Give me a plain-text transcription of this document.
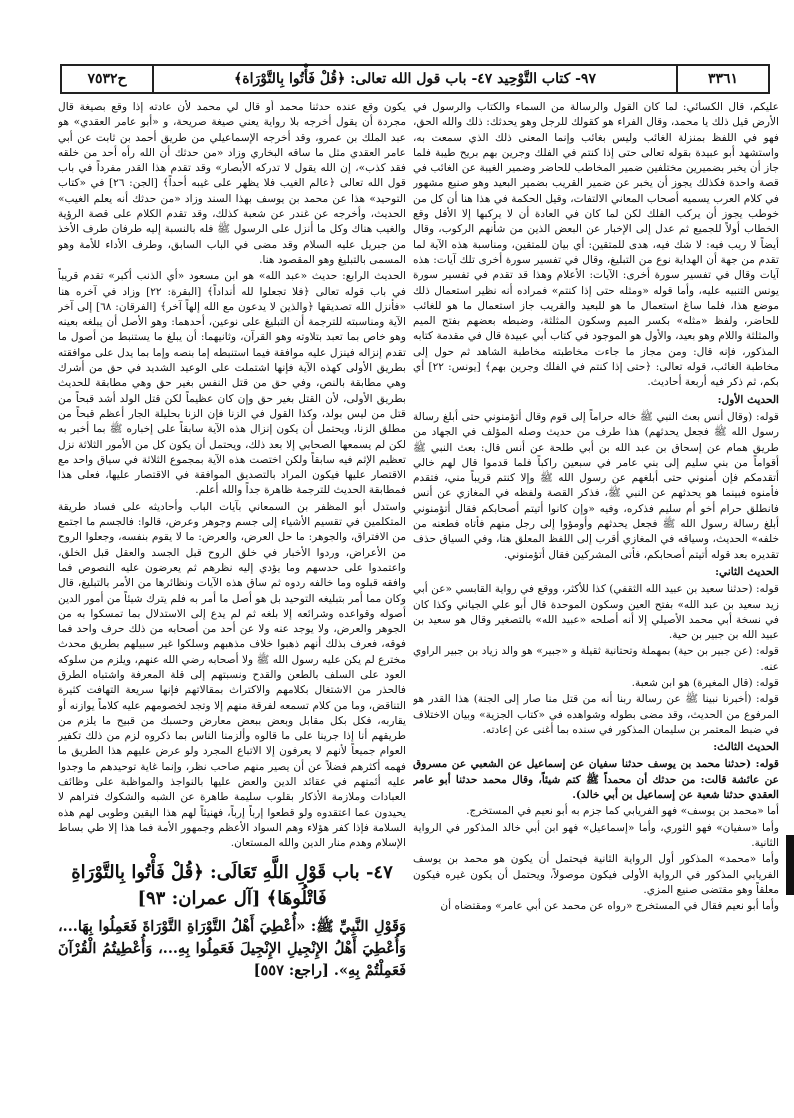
ح٧٥٣٢	٩٧- كتاب التَّوْحِيد ٤٧- باب قول الله تعالى: ﴿قُلْ فَأْتُوا بِالتَّوْرَاة﴾	٣٣٦١

عليكم، قال الكسائي: لما كان القول والرسالة من السماء والكتاب والرسول في الأرض قيل ذلك يا محمد، وقال الفراء هو كقولك للرجل وهو يحدثك: ذلك والله الحق، فهو في اللفظ بمنزلة الغائب وليس بغائب وإنما المعنى ذلك الذي سمعت به، واستشهد أبو عبيدة بقوله تعالى حتى إذا كنتم في الفلك وجرين بهم بريح طيبة فلما جاز أن يخبر بضميرين مختلفين ضمير المخاطب للحاضر وضمير الغيبة عن الغائب في قصة واحدة فكذلك يجوز أن يخبر عن ضمير القريب بضمير البعيد وهو صنيع مشهور في كلام العرب يسميه أصحاب المعاني الالتفات، وقيل الحكمة في هذا هنا أن كل من خوطب يجوز أن يركب الفلك لكن لما كان في العادة أن لا يركبها إلا الأقل وقع الخطاب أولاً للجميع ثم عدل إلى الإخبار عن البعض الذين من شأنهم الركوب، وقال أيضاً لا ريب فيه: لا شك فيه، هدى للمتقين: أي بيان للمتقين، ومناسبة هذه الآية لما تقدم من جهة أن الهداية نوع من التبليغ، وقال في تفسير سورة أخرى تلك آيات: هذه آيات وقال في تفسير سورة أخرى: الآيات: الأعلام وهذا قد تقدم في تفسير سورة يونس التنبيه عليه، وأما قوله «ومثله حتى إذا كنتم» فمراده أنه نظير استعمال ذلك موضع هذا، فلما ساغ استعمال ما هو للبعيد والقريب جاز استعمال ما هو للغائب للحاضر، ولفظ «مثله» بكسر الميم وسكون المثلثة، وضبطه بعضهم بفتح الميم والمثلثة واللام وهو بعيد، والأول هو الموجود في كتاب أبي عبيدة قال في مقدمة كتابه المذكور، فإنه قال: ومن مجاز ما جاءت مخاطبته مخاطبة الشاهد ثم حول إلى مخاطبة الغائب، قوله تعالى: ﴿حتى إذا كنتم في الفلك وجرين بهم﴾ [يونس: ٢٢] أي بكم، ثم ذكر فيه أربعة أحاديث.

الحديث الأول:

قوله: (وقال أنس بعث النبي ﷺ خاله حراماً إلى قوم وقال أتؤمنوني حتى أبلغ رسالة رسول الله ﷺ فجعل يحدثهم) هذا طرف من حديث وصله المؤلف في الجهاد من طريق همام عن إسحاق بن عبد الله بن أبي طلحة عن أنس قال: بعث النبي ﷺ أقواماً من بني سليم إلى بني عامر في سبعين راكباً فلما قدموا قال لهم خالي أتقدمكم فإن أمنوني حتى أبلغهم عن رسول الله ﷺ وإلا كنتم قريباً مني، فتقدم فأمنوه فبينما هو يحدثهم عن النبي ﷺ، فذكر القصة ولفظه في المغازي عن أنس فانطلق حرام أخو أم سليم فذكره، وفيه «وإن كانوا أتيتم أصحابكم فقال أتؤمنوني أبلغ رسالة رسول الله ﷺ فجعل يحدثهم وأومؤوا إلى رجل منهم فأتاه فطعنه من خلفه» الحديث، وسياقه في المغازي أقرب إلى اللفظ المعلق هنا، وفي السياق حذف تقديره بعد قوله أتيتم أصحابكم، فأتى المشركين فقال أتؤمنوني.

الحديث الثاني:

قوله: (حدثنا سعيد بن عبيد الله الثقفي) كذا للأكثر، ووقع في رواية القابسي «عن أبي زيد سعيد بن عبد الله» بفتح العين وسكون الموحدة قال أبو علي الجياني وكذا كان في نسخة أبي محمد الأصيلي إلا أنه أصلحه «عبيد الله» بالتصغير وقال هو سعيد بن عبيد الله بن جبير بن حية.

قوله: (عن جبير بن حية) بمهملة وتحتانية ثقيلة و «جبير» هو والد زياد بن جبير الراوي عنه.

قوله: (قال المغيرة) هو ابن شعبة.

قوله: (أخبرنا نبينا ﷺ عن رسالة ربنا أنه من قتل منا صار إلى الجنة) هذا القدر هو المرفوع من الحديث، وقد مضى بطوله وشواهده في «كتاب الجزية» وبيان الاختلاف في ضبط المعتمر بن سليمان المذكور في سنده بما أغنى عن إعادته.

الحديث الثالث:

قوله: (حدثنا محمد بن يوسف حدثنا سفيان عن إسماعيل عن الشعبي عن مسروق عن عائشة قالت: من حدثك أن محمداً ﷺ كتم شيئاً، وقال محمد حدثنا أبو عامر العقدي حدثنا شعبة عن إسماعيل بن أبي خالد).

أما «محمد بن يوسف» فهو الفريابي كما جزم به أبو نعيم في المستخرج.

وأما «سفيان» فهو الثوري، وأما «إسماعيل» فهو ابن أبي خالد المذكور في الرواية الثانية.

وأما «محمد» المذكور أول الرواية الثانية فيحتمل أن يكون هو محمد بن يوسف الفريابي المذكور في الرواية الأولى فيكون موصولاً، ويحتمل أن يكون غيره فيكون معلقاً وهو مقتضى صنيع المزي.

وأما أبو نعيم فقال في المستخرج «رواه عن محمد عن أبي عامر» ومقتضاه أن

يكون وقع عنده حدثنا محمد أو قال لي محمد لأن عادته إذا وقع بصيغة قال مجردة أن يقول أخرجه بلا رواية يعني صيغة صريحة، و «أبو عامر العقدي» هو عبد الملك بن عمرو، وقد أخرجه الإسماعيلي من طريق أحمد بن ثابت عن أبي عامر العقدي مثل ما ساقه البخاري وزاد «من حدثك أن الله رأه أحد من خلقه فقد كذب»، إن الله يقول لا تدركه الأبصار» وقد تقدم هذا القدر مفرداً في باب قول الله تعالى ﴿عالم الغيب فلا يظهر على غيبه أحداً﴾ [الجن: ٢٦] في «كتاب التوحيد» هذا عن محمد بن يوسف بهذا السند وزاد «من حدثك أنه يعلم الغيب» الحديث، وأخرجه عن غندر عن شعبة كذلك، وقد تقدم الكلام على قصة الرؤية والغيب هناك وكل ما أنزل على الرسول ﷺ فله بالنسبة إليه طرفان طرف الأخذ من جبريل عليه السلام وقد مضى في الباب السابق، وطرف الأداء للأمة وهو المسمى بالتبليغ وهو المقصود هنا.

الحديث الرابع: حديث «عبد الله» هو ابن مسعود «أي الذنب أكبر» تقدم قريباً في باب قوله تعالى ﴿فلا تجعلوا لله أنداداً﴾ [البقرة: ٢٢] وزاد في آخره هنا «فأنزل الله تصديقها ﴿والذين لا يدعون مع الله إلهاً آخر﴾ [الفرقان: ٦٨] إلى آخر الآية ومناسبته للترجمة أن التبليغ على نوعين، أحدهما: وهو الأصل أن يبلغه بعينه وهو خاص بما تعبد بتلاوته وهو القرآن، وثانيهما: أن يبلغ ما يستنبط من أصول ما تقدم إنزاله فينزل عليه موافقة فيما استنبطه إما بنصه وإما بما يدل على موافقته بطريق الأولى كهذه الآية فإنها اشتملت على الوعيد الشديد في حق من أشرك وهي مطابقة بالنص، وفي حق من قتل النفس بغير حق وهي مطابقة للحديث بطريق الأولى، لأن القتل بغير حق وإن كان عظيماً لكن قتل الولد أشد قبحاً من قتل من ليس بولد، وكذا القول في الزنا فإن الزنا بحليلة الجار أعظم قبحاً من مطلق الزنا، ويحتمل أن يكون إنزال هذه الآية سابقاً على إخباره ﷺ بما أخبر به لكن لم يسمعها الصحابي إلا بعد ذلك، ويحتمل أن يكون كل من الأمور الثلاثة نزل تعظيم الإثم فيه سابقاً ولكن اختصت هذه الآية بمجموع الثلاثة في سياق واحد مع الاقتصار عليها فيكون المراد بالتصديق الموافقة في الاقتصار عليها، فعلى هذا فمطابقة الحديث للترجمة ظاهرة جداً والله أعلم.

واستدل أبو المظفر بن السمعاني بآيات الباب وأحاديثه على فساد طريقة المتكلمين في تقسيم الأشياء إلى جسم وجوهر وعرض، قالوا: فالجسم ما اجتمع من الافتراق، والجوهر: ما حل العرض، والعرض: ما لا يقوم بنفسه، وجعلوا الروح من الأعراض، وردوا الأخبار في خلق الروح قبل الجسد والعقل قبل الخلق، واعتمدوا على حدسهم وما يؤدي إليه نظرهم ثم يعرضون عليه النصوص فما وافقه قبلوه وما خالفه ردوه ثم ساق هذه الآيات ونظائرها من الأمر بالتبليغ، قال وكان مما أمر بتبليغه التوحيد بل هو أصل ما أمر به فلم يترك شيئاً من أمور الدين أصوله وقواعده وشرائعه إلا بلغه ثم لم يدع إلى الاستدلال بما تمسكوا به من الجوهر والعرض، ولا يوجد عنه ولا عن أحد من أصحابه من ذلك حرف واحد فما فوقه، فعرف بذلك أنهم ذهبوا خلاف مذهبهم وسلكوا غير سبيلهم بطريق محدث مخترع لم يكن عليه رسول الله ﷺ ولا أصحابه رضي الله عنهم، ويلزم من سلوكه العود على السلف بالطعن والقدح ونسبتهم إلى قلة المعرفة واشتباه الطرق فالحذر من الاشتغال بكلامهم والاكتراث بمقالاتهم فإنها سريعة التهافت كثيرة التناقض، وما من كلام تسمعه لفرقة منهم إلا وتجد لخصومهم عليه كلاماً يوازنه أو يقاربه، فكل بكل مقابل وبعض ببعض معارض وحسبك من قبيح ما يلزم من طريقهم أنا إذا جرينا على ما قالوه وألزمنا الناس بما ذكروه لزم من ذلك تكفير العوام جميعاً لأنهم لا يعرفون إلا الاتباع المجرد ولو عرض عليهم هذا الطريق ما فهمه أكثرهم فضلاً عن أن يصير منهم صاحب نظر، وإنما غاية توحيدهم ما وجدوا عليه أئمتهم في عقائد الدين والعض عليها بالنواجذ والمواظبة على وظائف العبادات وملازمة الأذكار بقلوب سليمة طاهرة عن الشبه والشكوك فتراهم لا يحيدون عما اعتقدوه ولو قطعوا إرباً إرباً، فهنيئاً لهم هذا اليقين وطوبى لهم هذه السلامة فإذا كفر هؤلاء وهم السواد الأعظم وجمهور الأمة فما هذا إلا طي بساط الإسلام وهدم منار الدين والله المستعان.

٤٧- باب قَوْلِ اللَّهِ تَعَالَى: ﴿قُلْ فَأْتُوا بِالتَّوْرَاةِ فَاتْلُوهَا﴾ [آل عمران: ٩٣]
وَقَوْلِ النَّبِيِّ ﷺ: «أُعْطِيَ أَهْلُ التَّوْرَاةِ التَّوْرَاةَ فَعَمِلُوا بِهَا...، وَأُعْطِيَ أَهْلُ الإِنْجِيلِ الإِنْجِيلَ فَعَمِلُوا بِهِ...، وَأُعْطِيتُمُ الْقُرْآنَ فَعَمِلْتُمْ بِهِ». [راجع: ٥٥٧]
